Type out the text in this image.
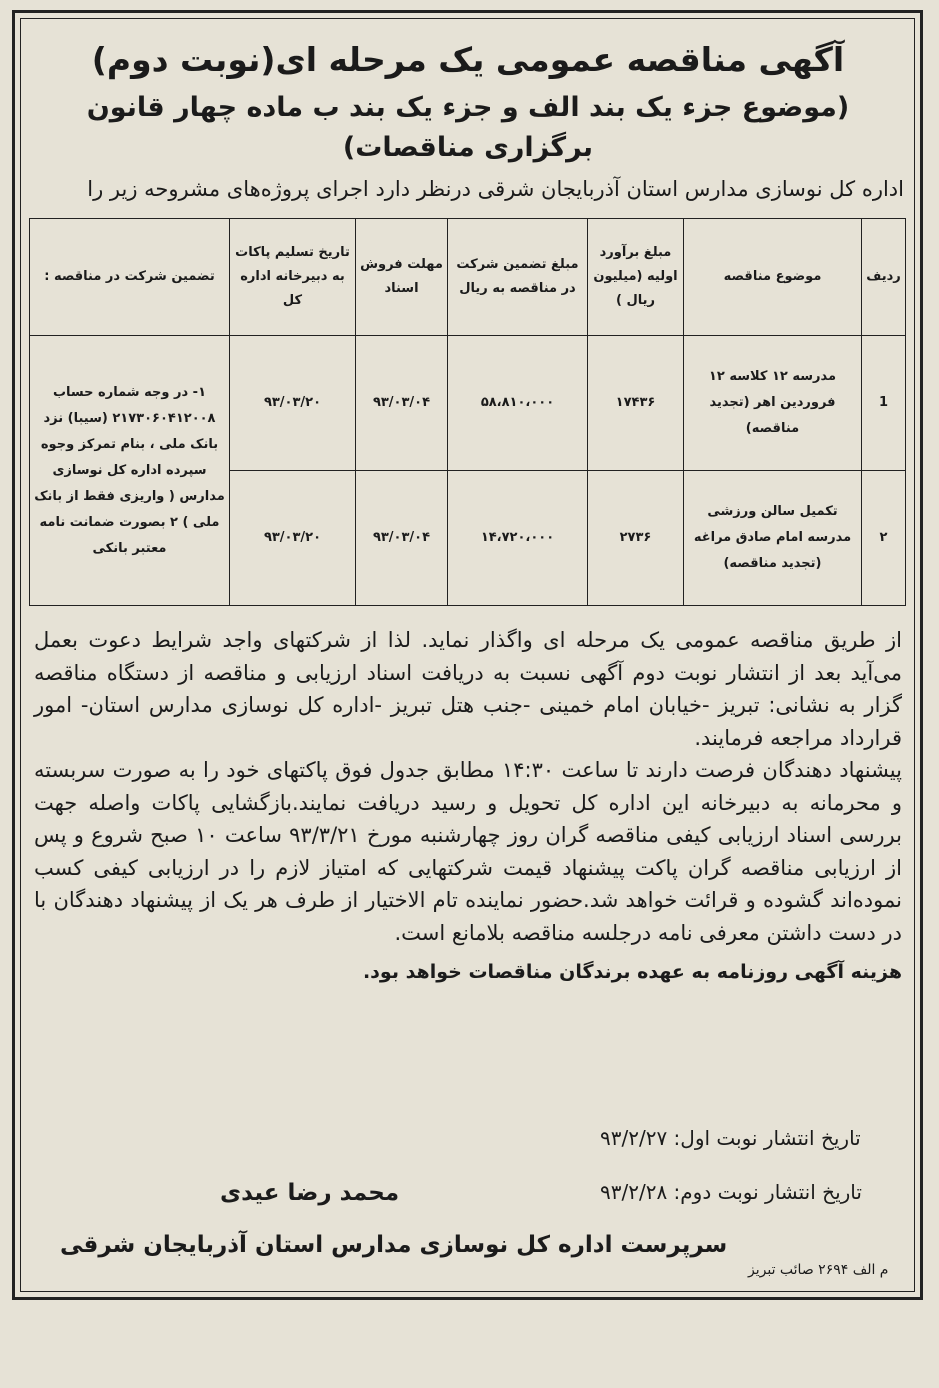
آگهی مناقصه عمومی یک مرحله ای(نوبت دوم)
(موضوع جزء یک بند الف و جزء یک بند ب ماده چهار قانون برگزاری مناقصات)
اداره کل نوسازی مدارس استان آذربایجان شرقی درنظر دارد اجرای پروژه‌های مشروحه زیر را
ردیف	موضوع مناقصه	مبلغ برآورد اولیه (میلیون ریال )	مبلغ تضمین شرکت در مناقصه به ریال	مهلت فروش اسناد	تاریخ تسلیم پاکات به دبیرخانه اداره کل	تضمین شرکت در مناقصه :
1	مدرسه ۱۲ کلاسه ۱۲ فروردین اهر (تجدید مناقصه)	۱۷۴۳۶	۵۸،۸۱۰،۰۰۰	۹۳/۰۳/۰۴	۹۳/۰۳/۲۰	۱- در وجه شماره حساب ۲۱۷۳۰۶۰۴۱۲۰۰۸ (سیبا) نزد بانک ملی ، بنام تمرکز وجوه سپرده اداره کل نوسازی مدارس ( واریزی فقط از بانک ملی ) ۲ بصورت ضمانت نامه معتبر بانکی
۲	تکمیل سالن ورزشی مدرسه امام صادق مراغه (تجدید مناقصه)	۲۷۳۶	۱۴،۷۲۰،۰۰۰	۹۳/۰۳/۰۴	۹۳/۰۳/۲۰	

از طریق مناقصه عمومی یک مرحله ای واگذار نماید. لذا از شرکتهای واجد شرایط دعوت بعمل می‌آید بعد از انتشار نوبت دوم آگهی نسبت به دریافت اسناد ارزیابی و مناقصه از دستگاه مناقصه گزار به نشانی: تبریز -خیابان امام خمینی -جنب هتل تبریز -اداره کل نوسازی مدارس استان- امور قرارداد مراجعه فرمایند.

پیشنهاد دهندگان فرصت دارند تا ساعت ۱۴:۳۰ مطابق جدول فوق پاکتهای خود را به صورت سربسته و محرمانه به دبیرخانه این اداره کل تحویل و رسید دریافت نمایند.بازگشایی پاکات واصله جهت بررسی اسناد ارزیابی کیفی مناقصه گران روز چهارشنبه مورخ ۹۳/۳/۲۱ ساعت ۱۰ صبح شروع و پس از ارزیابی مناقصه گران پاکت پیشنهاد قیمت شرکتهایی که امتیاز لازم را در ارزیابی کیفی کسب نموده‌اند گشوده و قرائت خواهد شد.حضور نماینده تام الاختیار از طرف هر یک از پیشنهاد دهندگان با در دست داشتن معرفی نامه درجلسه مناقصه بلامانع است.

هزینه آگهی روزنامه به عهده برندگان مناقصات خواهد بود.
تاریخ انتشار نوبت اول: ۹۳/۲/۲۷
تاریخ انتشار نوبت دوم: ۹۳/۲/۲۸
محمد رضا عیدی
سرپرست اداره کل نوسازی مدارس استان آذربایجان شرقی
م الف ۲۶۹۴ صائب تبریز
